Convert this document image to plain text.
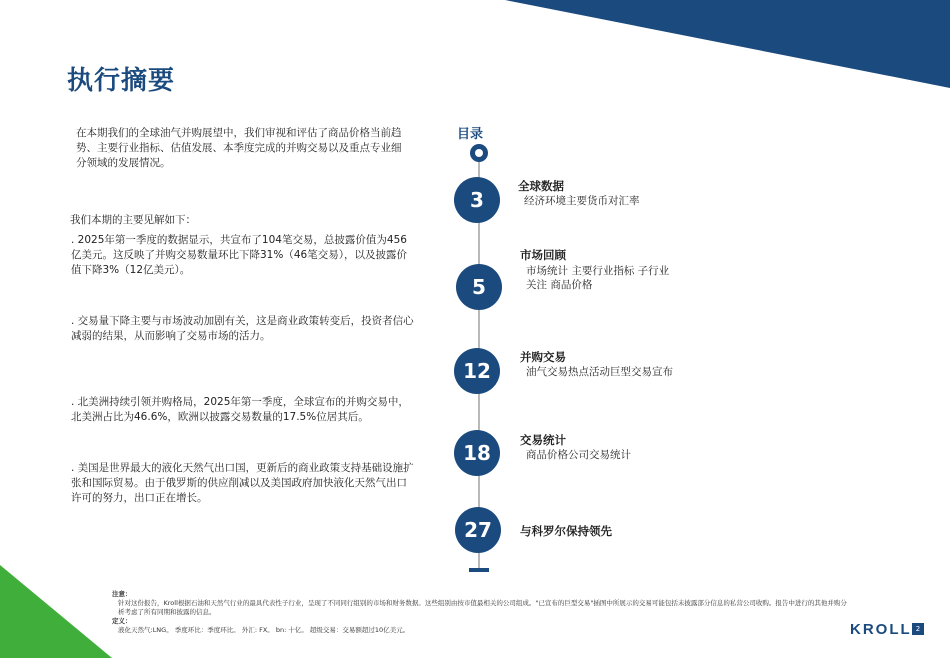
执行摘要
在本期我们的全球油气并购展望中，我们审视和评估了商品价格当前趋势、主要行业指标、估值发展、本季度完成的并购交易以及重点专业细分领域的发展情况。
我们本期的主要见解如下：
. 2025年第一季度的数据显示，共宣布了104笔交易，总披露价值为456亿美元。这反映了并购交易数量环比下降31%（46笔交易），以及披露价值下降3%（12亿美元）。
. 交易量下降主要与市场波动加剧有关，这是商业政策转变后，投资者信心减弱的结果，从而影响了交易市场的活力。
. 北美洲持续引领并购格局，2025年第一季度，全球宣布的并购交易中，北美洲占比为46.6%，欧洲以披露交易数量的17.5%位居其后。
. 美国是世界最大的液化天然气出口国，更新后的商业政策支持基础设施扩张和国际贸易。由于俄罗斯的供应削减以及美国政府加快液化天然气出口许可的努力，出口正在增长。
目录
3
全球数据
经济环境主要货币对汇率
5
市场回顾
市场统计 主要行业指标 子行业关注 商品价格
12
并购交易
油气交易热点活动巨型交易宣布
18
交易统计
商品价格公司交易统计
27	与科罗尔保持领先
注意：
针对这份报告，Kroll根据石油和天然气行业的最具代表性子行业，呈现了不同同行组别的市场和财务数据。这些组别由按市值最相关的公司组成。"已宣布的巨型交易"插图中所展示的交易可能包括未披露部分信息的私营公司收购。报告中进行的其他并购分析考虑了所有同期和披露的信息。
定义：
液化天然气:LNG。 季度环比：季度环比。 外汇: FX。 bn: 十亿。 超级交易：交易额超过10亿美元。	KROLL 2
